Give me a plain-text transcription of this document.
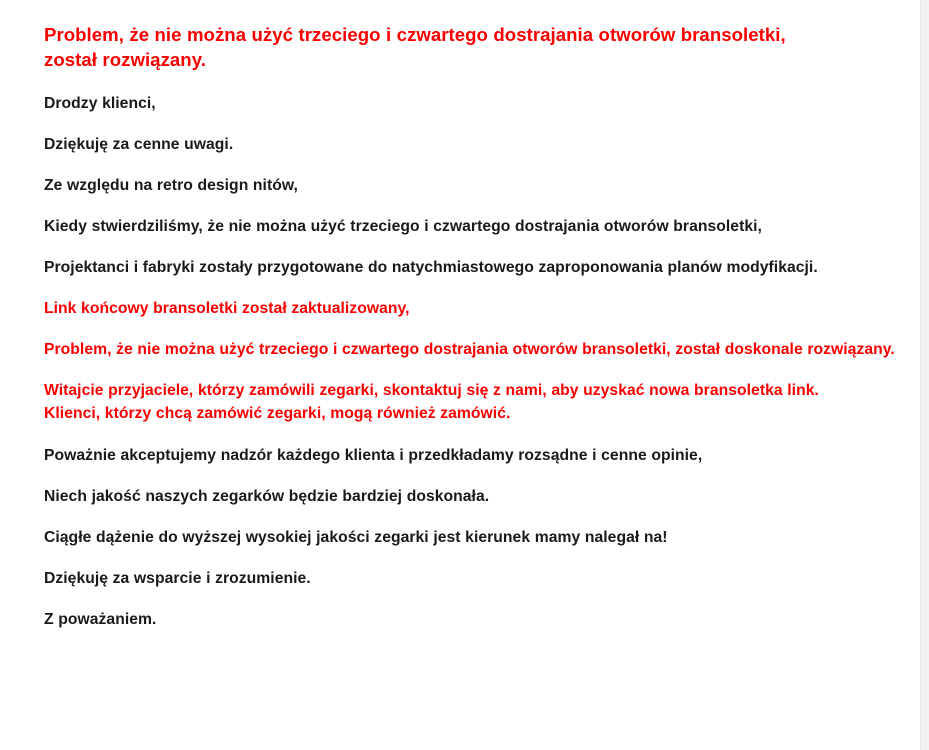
Problem, że nie można użyć trzeciego i czwartego dostrajania otworów bransoletki, został rozwiązany.

Drodzy klienci,

Dziękuję za cenne uwagi.

Ze względu na retro design nitów,

Kiedy stwierdziliśmy, że nie można użyć trzeciego i czwartego dostrajania otworów bransoletki,

Projektanci i fabryki zostały przygotowane do natychmiastowego zaproponowania planów modyfikacji.

Link końcowy bransoletki został zaktualizowany,

Problem, że nie można użyć trzeciego i czwartego dostrajania otworów bransoletki, został doskonale rozwiązany.

Witajcie przyjaciele, którzy zamówili zegarki, skontaktuj się z nami, aby uzyskać nowa bransoletka link.
Klienci, którzy chcą zamówić zegarki, mogą również zamówić.

Poważnie akceptujemy nadzór każdego klienta i przedkładamy rozsądne i cenne opinie,

Niech jakość naszych zegarków będzie bardziej doskonała.

Ciągłe dążenie do wyższej wysokiej jakości zegarki jest kierunek mamy nalegał na!

Dziękuję za wsparcie i zrozumienie.

Z poważaniem.
